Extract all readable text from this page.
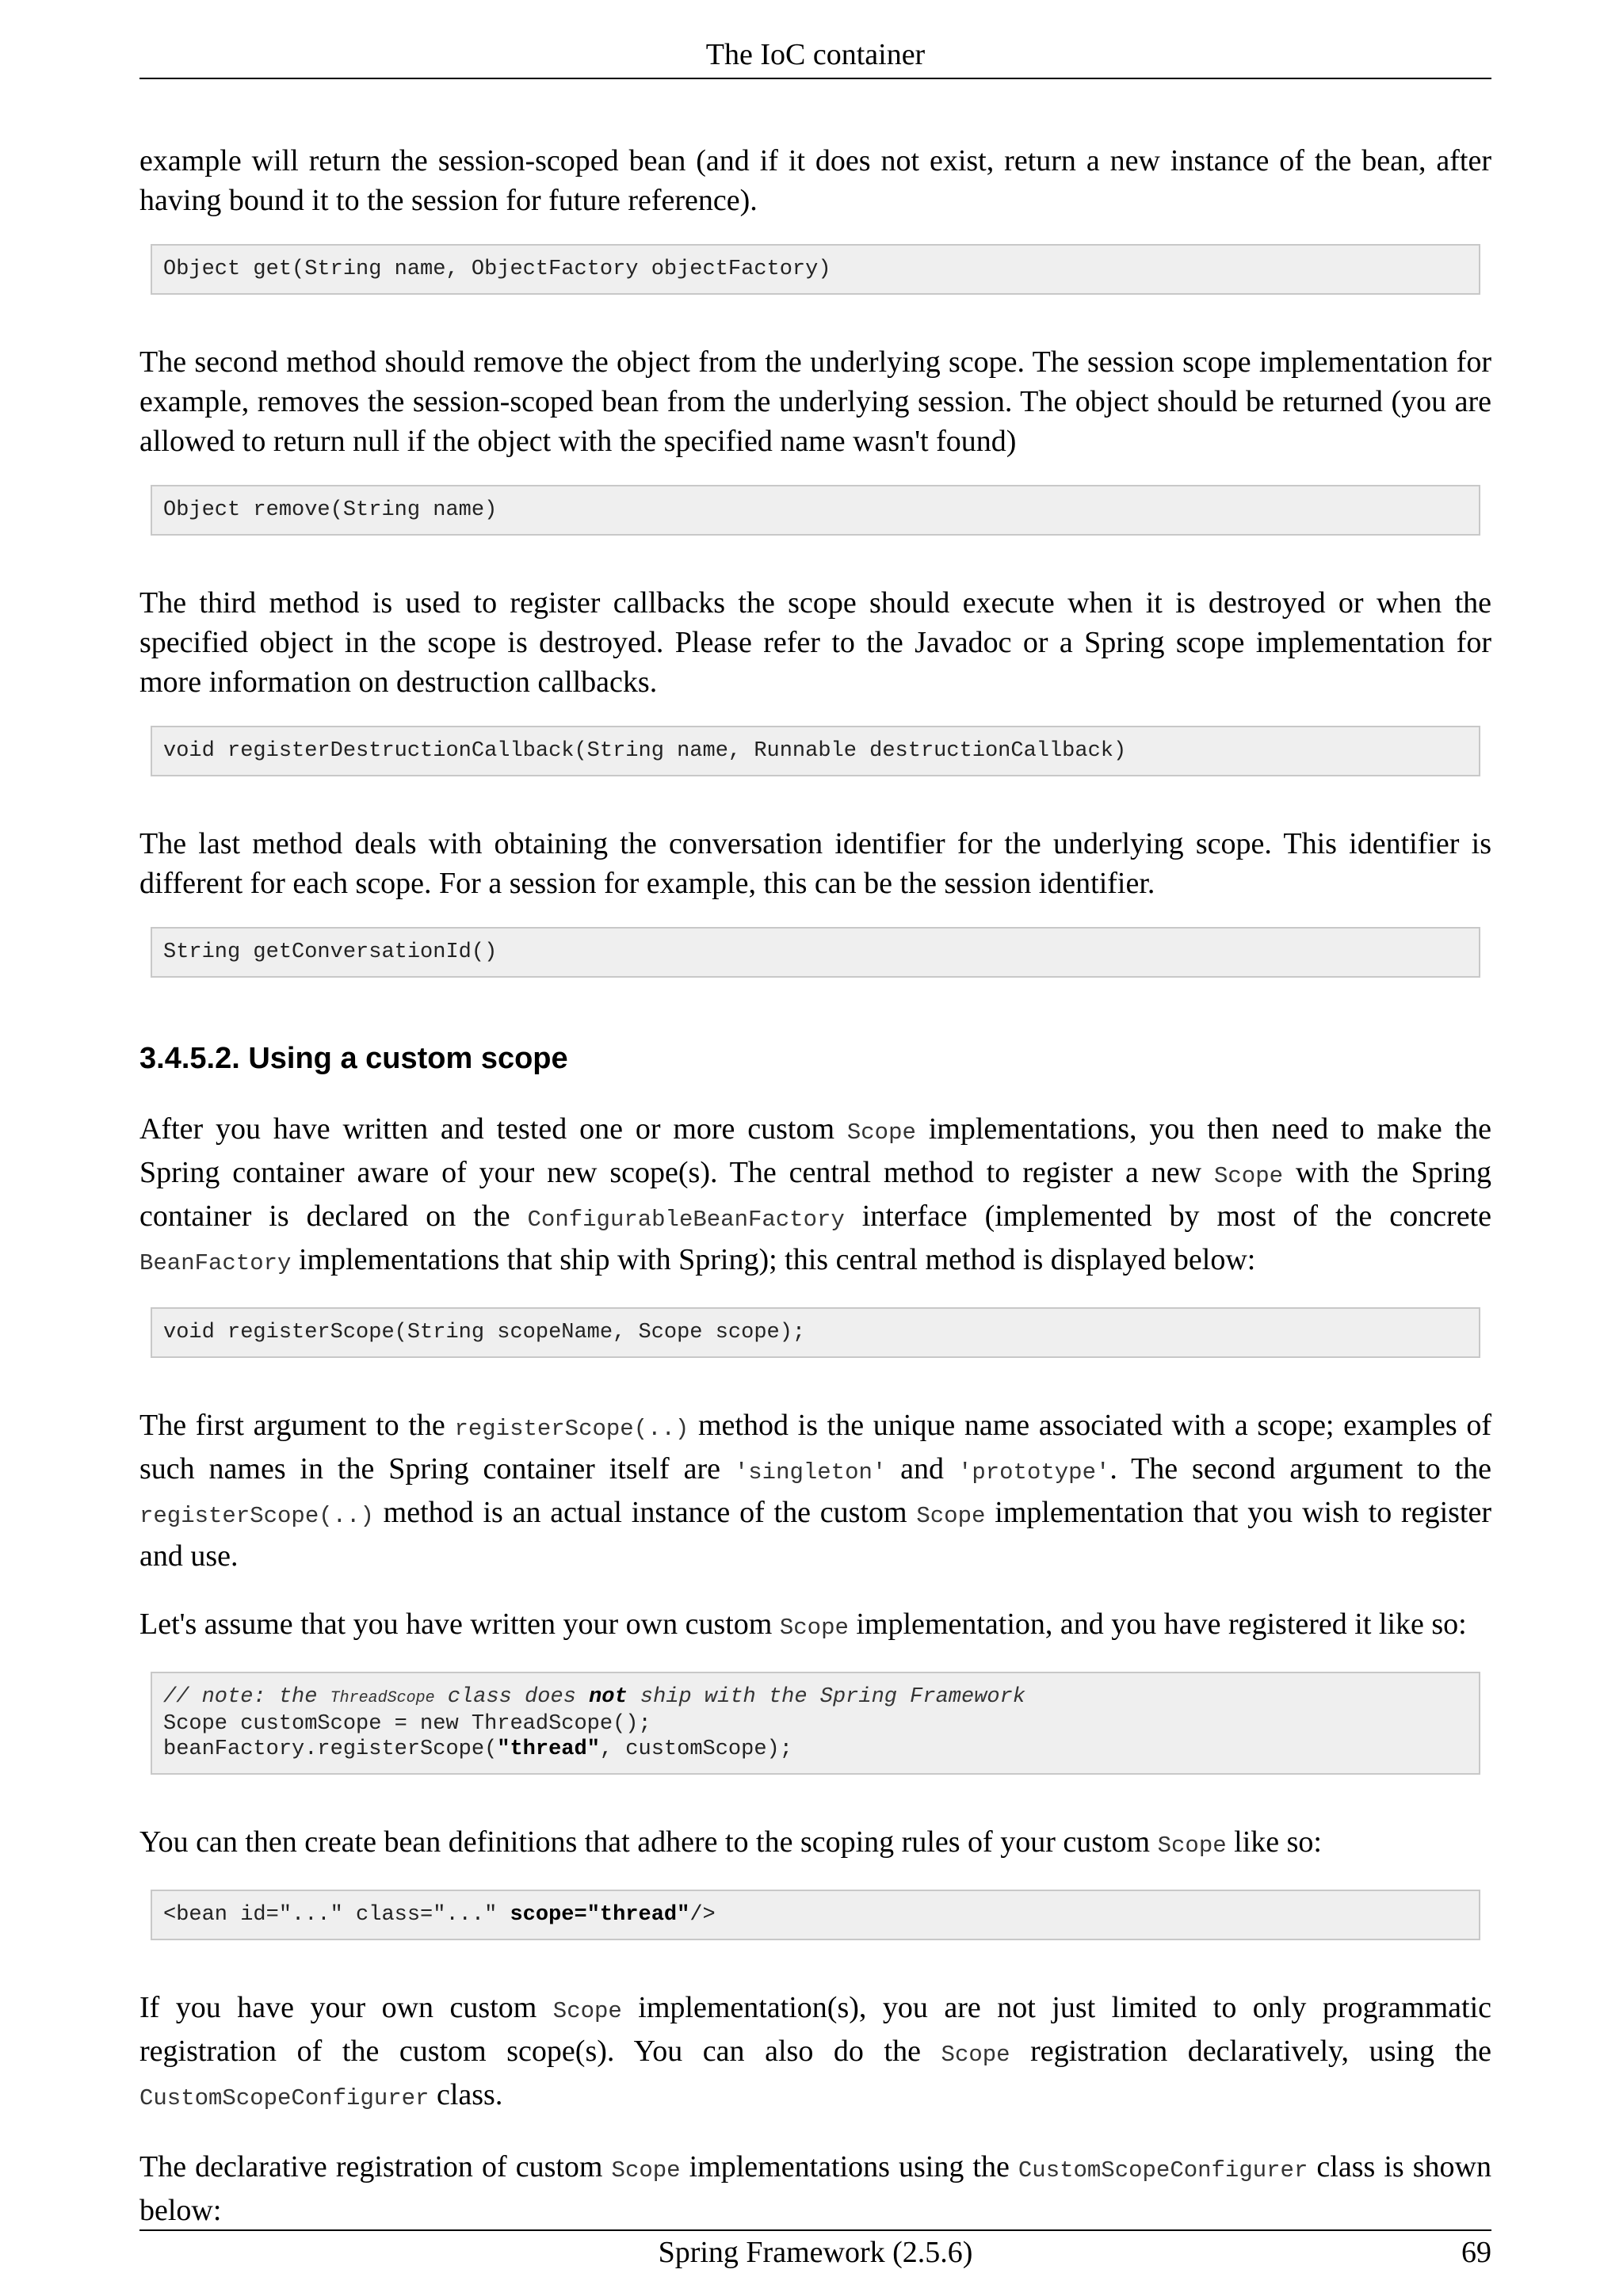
The IoC container

example will return the session-scoped bean (and if it does not exist, return a new instance of the bean, after having bound it to the session for future reference).

Object get(String name, ObjectFactory objectFactory)

The second method should remove the object from the underlying scope. The session scope implementation for example, removes the session-scoped bean from the underlying session. The object should be returned (you are allowed to return null if the object with the specified name wasn't found)

Object remove(String name)

The third method is used to register callbacks the scope should execute when it is destroyed or when the specified object in the scope is destroyed. Please refer to the Javadoc or a Spring scope implementation for more information on destruction callbacks.

void registerDestructionCallback(String name, Runnable destructionCallback)

The last method deals with obtaining the conversation identifier for the underlying scope. This identifier is different for each scope. For a session for example, this can be the session identifier.

String getConversationId()
3.4.5.2. Using a custom scope

After you have written and tested one or more custom Scope implementations, you then need to make the Spring container aware of your new scope(s). The central method to register a new Scope with the Spring container is declared on the ConfigurableBeanFactory interface (implemented by most of the concrete BeanFactory implementations that ship with Spring); this central method is displayed below:

void registerScope(String scopeName, Scope scope);

The first argument to the registerScope(..) method is the unique name associated with a scope; examples of such names in the Spring container itself are 'singleton' and 'prototype'. The second argument to the registerScope(..) method is an actual instance of the custom Scope implementation that you wish to register and use.

Let's assume that you have written your own custom Scope implementation, and you have registered it like so:

// note: the ThreadScope class does not ship with the Spring Framework
Scope customScope = new ThreadScope();
beanFactory.registerScope("thread", customScope);

You can then create bean definitions that adhere to the scoping rules of your custom Scope like so:

<bean id="..." class="..." scope="thread"/>

If you have your own custom Scope implementation(s), you are not just limited to only programmatic registration of the custom scope(s). You can also do the Scope registration declaratively, using the CustomScopeConfigurer class.

The declarative registration of custom Scope implementations using the CustomScopeConfigurer class is shown below:

Spring Framework (2.5.6)	69
